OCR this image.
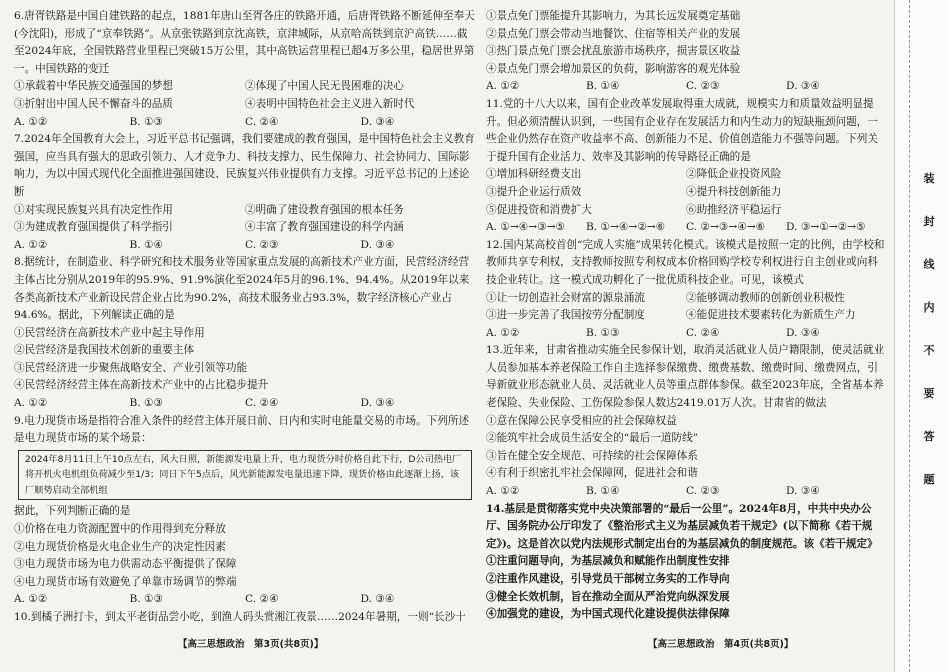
6.唐胥铁路是中国自建铁路的起点，1881年唐山至胥各庄的铁路开通，后唐胥铁路不断延伸至奉天(今沈阳)，形成了“京奉铁路”。从京张铁路到京沈高铁，京津城际，从京哈高铁到京沪高铁……截至2024年底，全国铁路营业里程已突破15万公里，其中高铁运营里程已超4万多公里，稳居世界第一。中国铁路的变迁

①承载着中华民族交通强国的梦想	②体现了中国人民无畏困难的决心
③折射出中国人民不懈奋斗的品质	④表明中国特色社会主义进入新时代
A. ①②	B. ①③	C. ②④	D. ③④

7.2024年全国教育大会上，习近平总书记强调，我们要建成的教育强国，是中国特色社会主义教育强国，应当具有强大的思政引领力、人才竞争力、科技支撑力、民生保障力、社会协同力、国际影响力，为以中国式现代化全面推进强国建设、民族复兴伟业提供有力支撑。习近平总书记的上述论断

①对实现民族复兴具有决定性作用	②明确了建设教育强国的根本任务
③为建成教育强国提供了科学指引	④丰富了教育强国建设的科学内涵
A. ①②	B. ①④	C. ②③	D. ③④

8.据统计，在制造业、科学研究和技术服务业等国家重点发展的高新技术产业方面，民营经济经营主体占比分别从2019年的95.9%、91.9%演化至2024年5月的96.1%、94.4%。从2019年以来各类高新技术产业新设民营企业占比为90.2%，高技术服务业占93.3%，数字经济核心产业占94.6%。据此，下列解读正确的是

①民营经济在高新技术产业中起主导作用

②民营经济是我国技术创新的重要主体

③民营经济进一步聚焦战略安全、产业引领等功能

④民营经济经营主体在高新技术产业中的占比稳步提升

A. ①②	B. ①③	C. ②④	D. ③④

9.电力现货市场是指符合准入条件的经营主体开展日前、日内和实时电能量交易的市场。下列所述是电力现货市场的某个场景：

2024年8月11日上午10点左右，风大日照，新能源发电量上升，电力现货分时价格自此下行，D公司热电厂将开机火电机组负荷减少至1/3；同日下午5点后，风光新能源发电量迅速下降，现货价格由此逐渐上扬，该厂顺势启动全部机组

据此，下列判断正确的是

①价格在电力资源配置中的作用得到充分释放

②电力现货价格是火电企业生产的决定性因素

③电力现货市场为电力供需动态平衡提供了保障

④电力现货市场有效避免了单靠市场调节的弊端

A. ①②	B. ①③	C. ②④	D. ③④

10.到橘子洲打卡，到太平老街品尝小吃，到渔人码头赏湘江夜景……2024年暑期，一则“长沙十

【高三思想政治　第3页(共8页)】

①景点免门票能提升其影响力，为其长远发展奠定基础

②景点免门票会带动当地餐饮、住宿等相关产业的发展

③热门景点免门票会扰乱旅游市场秩序，损害景区收益

④景点免门票会增加景区的负荷，影响游客的观光体验

A. ①②	B. ①④	C. ②③	D. ③④

11.党的十八大以来，国有企业改革发展取得重大成就，规模实力和质量效益明显提升。但必须清醒认识到，一些国有企业存在发展活力和内生动力的短缺瓶颈问题，一些企业仍然存在资产收益率不高、创新能力不足、价值创造能力不强等问题。下列关于提升国有企业活力、效率及其影响的传导路径正确的是

①增加科研经费支出	②降低企业投资风险
③提升企业运行质效	④提升科技创新能力
⑤促进投资和消费扩大	⑥助推经济平稳运行
A. ①→④→③→⑤	B. ①→④→②→⑥	C. ②→③→④→⑥	D. ③→①→②→⑤

12.国内某高校首创“完成人实施”成果转化模式。该模式是按照一定的比例，由学校和教师共享专利权，支持教师按照专利权成本价格回购学校专利权进行自主创业或向科技企业转让。这一模式成功孵化了一批优质科技企业。可见，该模式

①让一切创造社会财富的源泉涌流	②能够调动教师的创新创业积极性
③进一步完善了我国按劳分配制度	④能促进技术要素转化为新质生产力
A. ①②	B. ①③	C. ②④	D. ③④

13.近年来，甘肃省推动实施全民参保计划，取消灵活就业人员户籍限制，使灵活就业人员参加基本养老保险工作自主选择参保缴费、缴费基数、缴费时间、缴费网点，引导新就业形态就业人员、灵活就业人员等重点群体参保。截至2023年底，全省基本养老保险、失业保险、工伤保险参保人数达2419.01万人次。甘肃省的做法

①意在保障公民享受相应的社会保障权益

②能筑牢社会成员生活安全的“最后一道防线”

③旨在健全安全规范、可持续的社会保障体系

④有利于织密扎牢社会保障网，促进社会和谐

A. ①②	B. ①④	C. ②③	D. ③④

14.基层是贯彻落实党中央决策部署的“最后一公里”。2024年8月，中共中央办公厅、国务院办公厅印发了《整治形式主义为基层减负若干规定》(以下简称《若干规定》)。这是首次以党内法规形式制定出台的为基层减负的制度规范。该《若干规定》

①注重问题导向，为基层减负和赋能作出制度性安排

②注重作风建设，引导党员干部树立务实的工作导向

③健全长效机制，旨在推动全面从严治党向纵深发展

④加强党的建设，为中国式现代化建设提供法律保障

【高三思想政治　第4页(共8页)】
装
封
线
内
不
要
答
题
